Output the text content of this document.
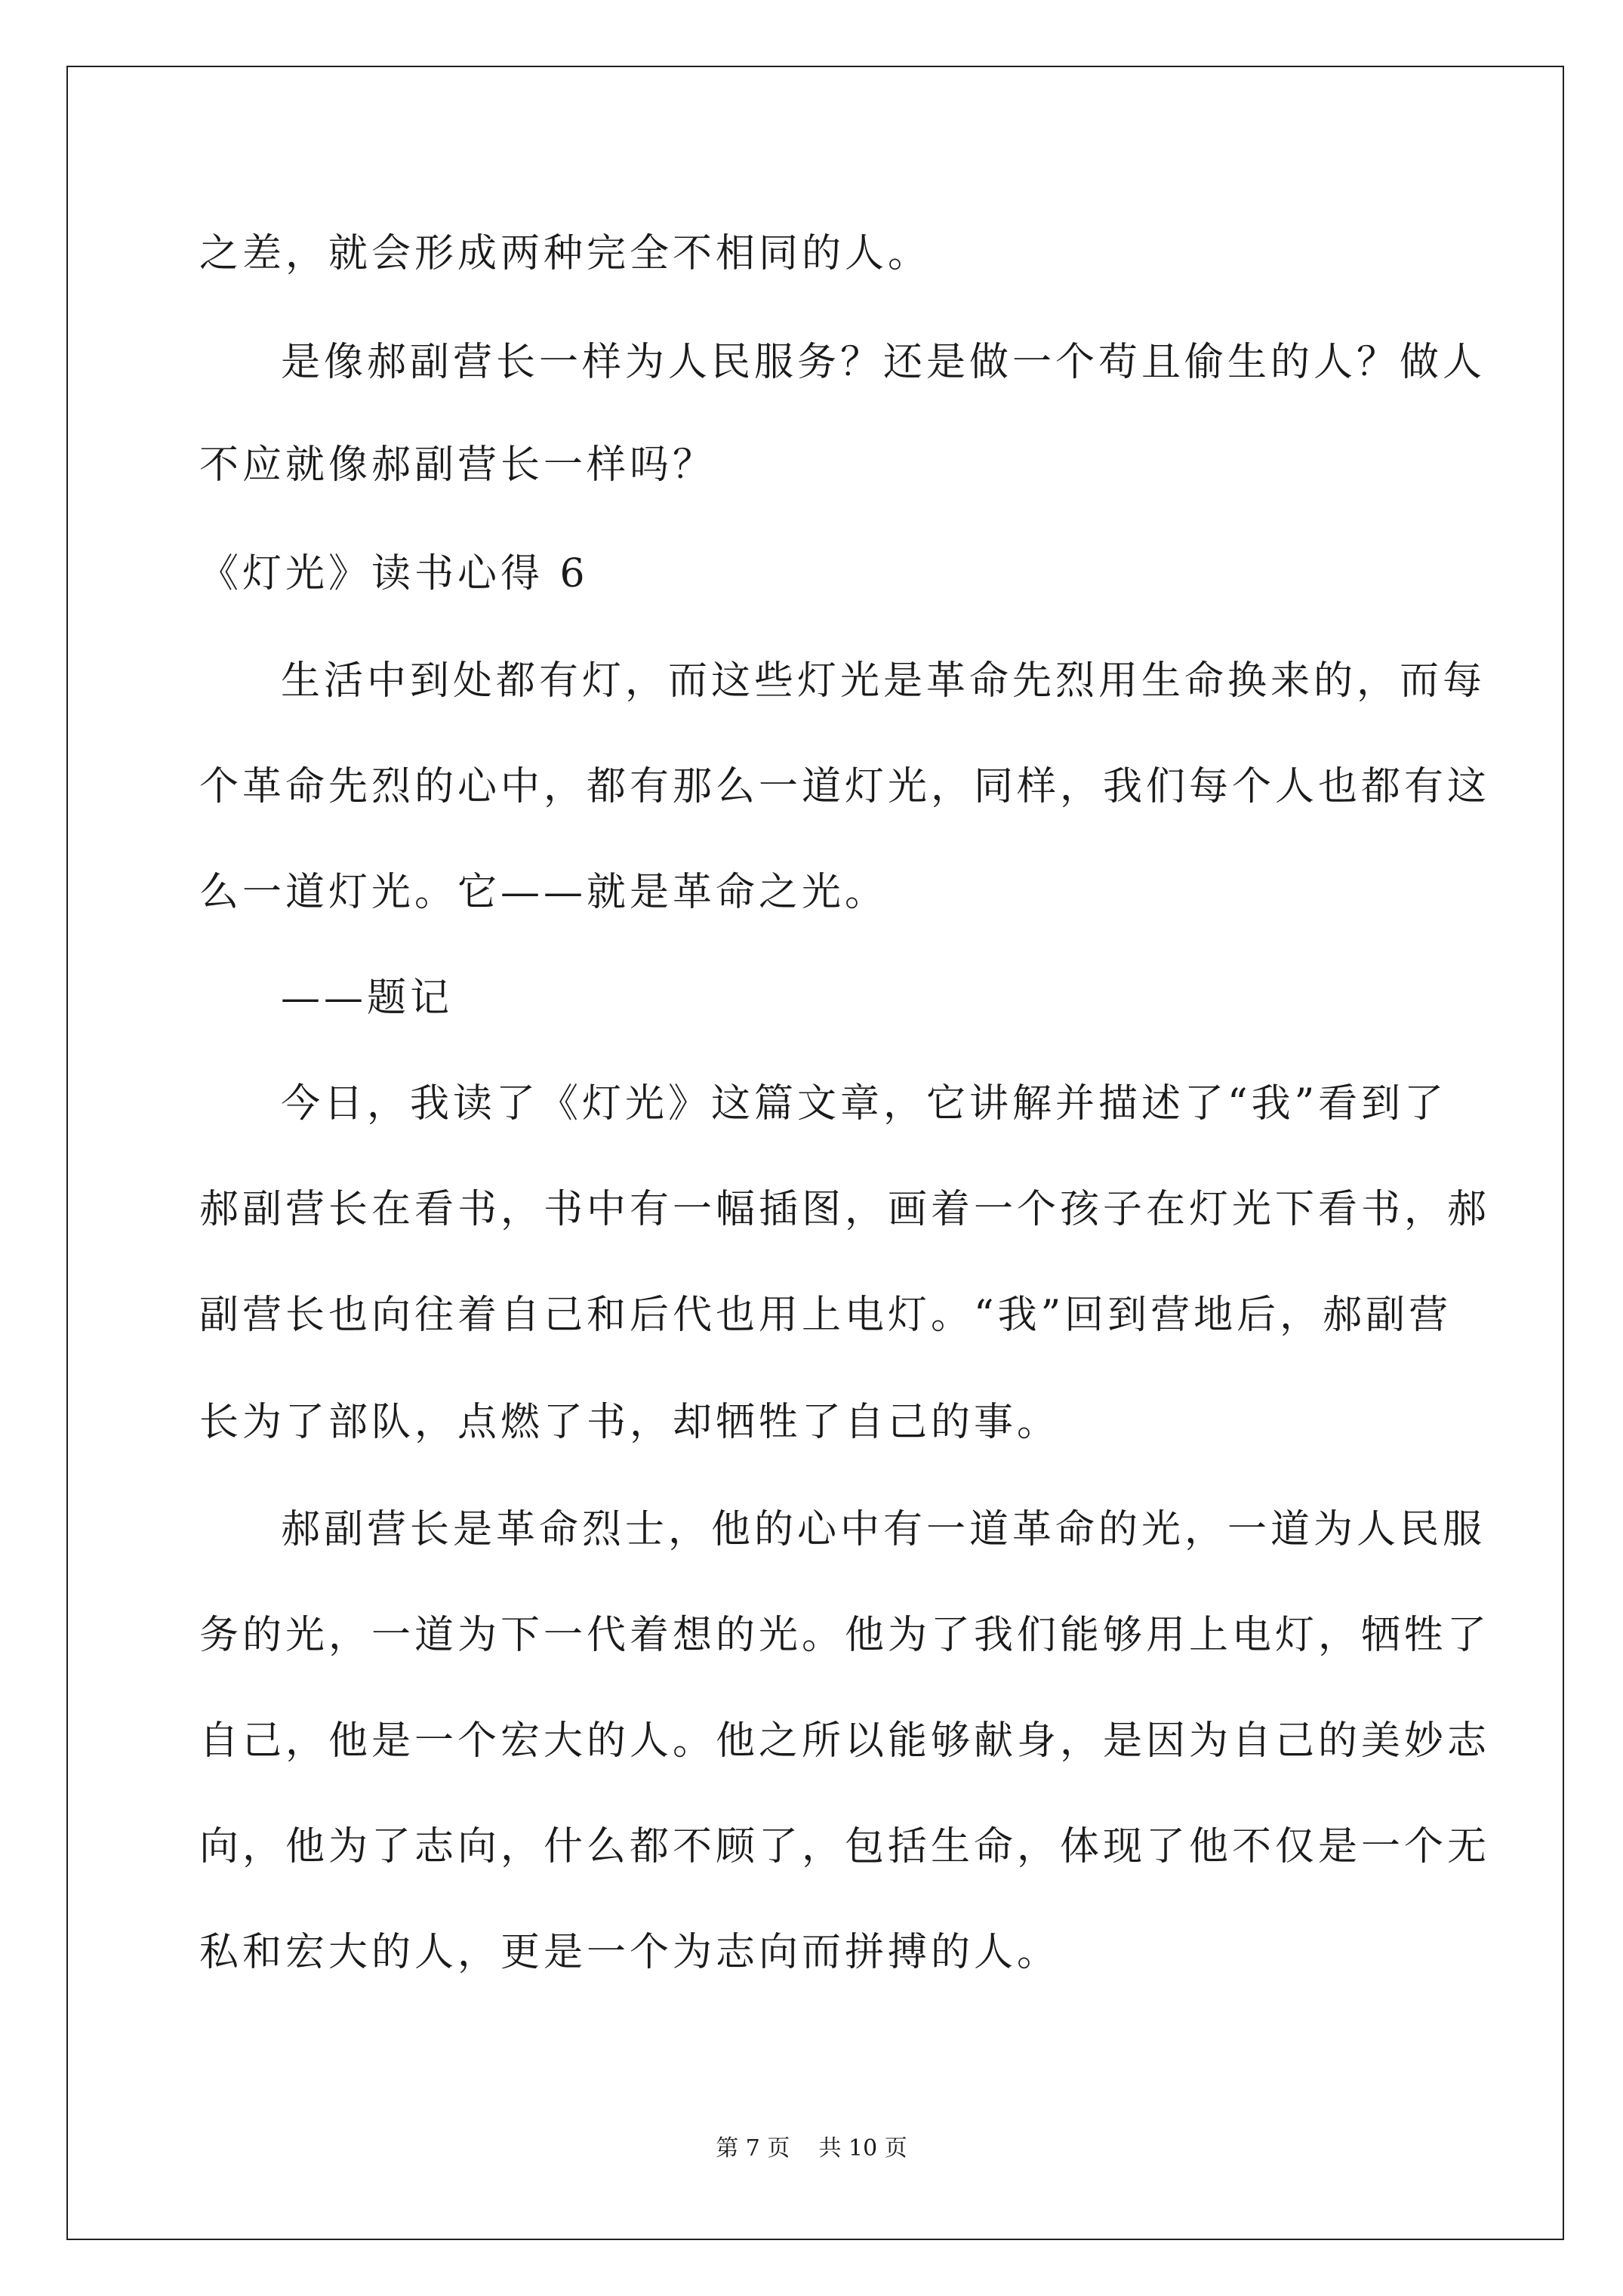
之差，就会形成两种完全不相同的人。
是像郝副营长一样为人民服务？还是做一个苟且偷生的人？做人
不应就像郝副营长一样吗？
《灯光》读书心得 6
生活中到处都有灯，而这些灯光是革命先烈用生命换来的，而每
个革命先烈的心中，都有那么一道灯光，同样，我们每个人也都有这
么一道灯光。它——就是革命之光。
——题记
今日，我读了《灯光》这篇文章，它讲解并描述了“我”看到了
郝副营长在看书，书中有一幅插图，画着一个孩子在灯光下看书，郝
副营长也向往着自己和后代也用上电灯。“我”回到营地后，郝副营
长为了部队，点燃了书，却牺牲了自己的事。
郝副营长是革命烈士，他的心中有一道革命的光，一道为人民服
务的光，一道为下一代着想的光。他为了我们能够用上电灯，牺牲了
自己，他是一个宏大的人。他之所以能够献身，是因为自己的美妙志
向，他为了志向，什么都不顾了，包括生命，体现了他不仅是一个无
私和宏大的人，更是一个为志向而拼搏的人。
第 7 页    共 10 页
